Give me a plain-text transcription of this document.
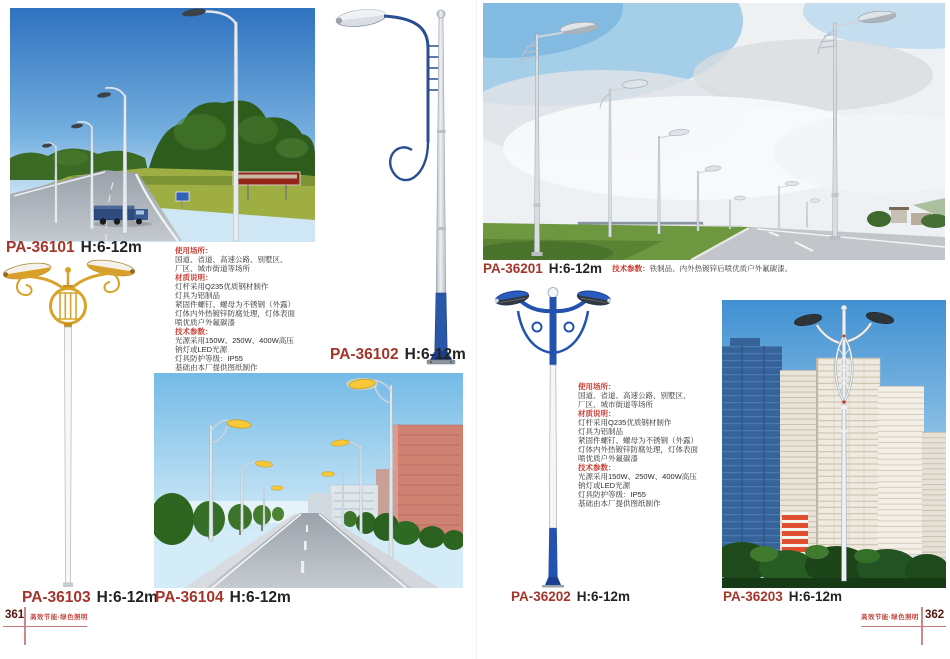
PA-36101 H:6-12m	使用场所：
国道、省道、高速公路、别墅区、
厂区、城市街道等场所
材质说明：
灯杆采用Q235优质钢材制作
灯具为铝制品
紧固件螺钉、螺母为不锈钢（外露）
灯体内外热镀锌防腐处理，灯体表面
喷优质户外氟碳漆
技术参数：
光源采用150W、250W、400W高压
钠灯或LED光源
灯具防护等级：IP55
基础由本厂提供图纸制作
PA-36102 H:6-12m
PA-36103 H:6-12m
PA-36104 H:6-12m
PA-36201 H:6-12m 技术参数：铁制品、内外热镀锌后喷优质户外氟碳漆。
PA-36202 H:6-12m
使用场所：
国道、省道、高速公路、别墅区、
厂区、城市街道等场所
材质说明：
灯杆采用Q235优质钢材制作
灯具为铝制品
紧固件螺钉、螺母为不锈钢（外露）
灯体内外热镀锌防腐处理，灯体表面
喷优质户外氟碳漆
技术参数：
光源采用150W、250W、400W高压
钠灯或LED光源
灯具防护等级：IP55
基础由本厂提供图纸制作
PA-36203 H:6-12m
361 高效节能·绿色照明	高效节能·绿色照明 362
